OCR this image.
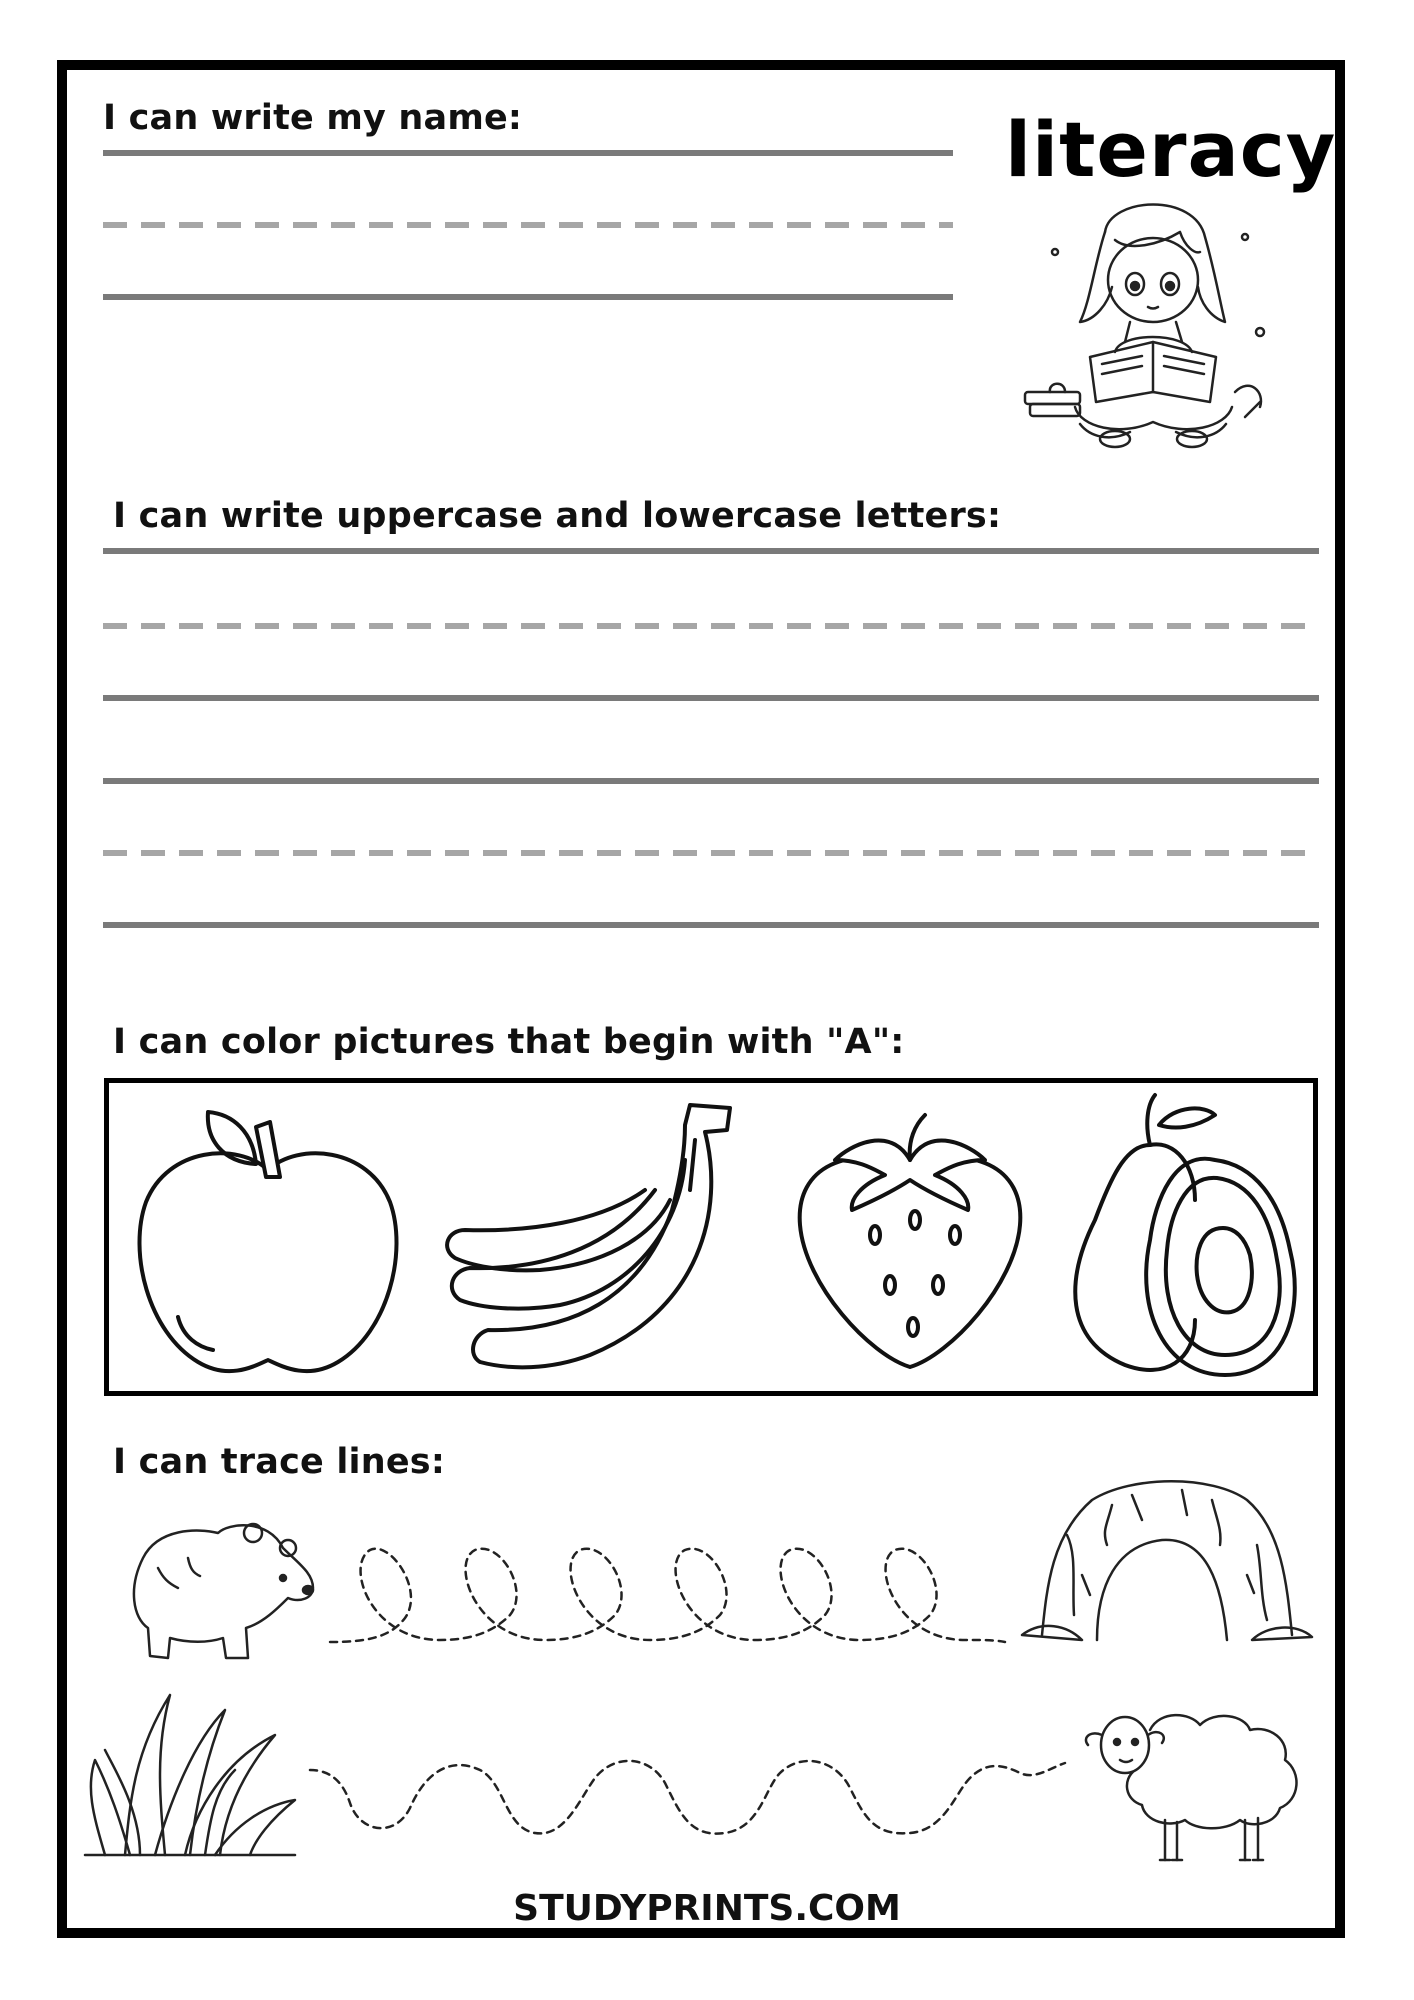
I can write my name:	literacy
I can write uppercase and lowercase letters:
I can color pictures that begin with "A":
I can trace lines:
STUDYPRINTS.COM
